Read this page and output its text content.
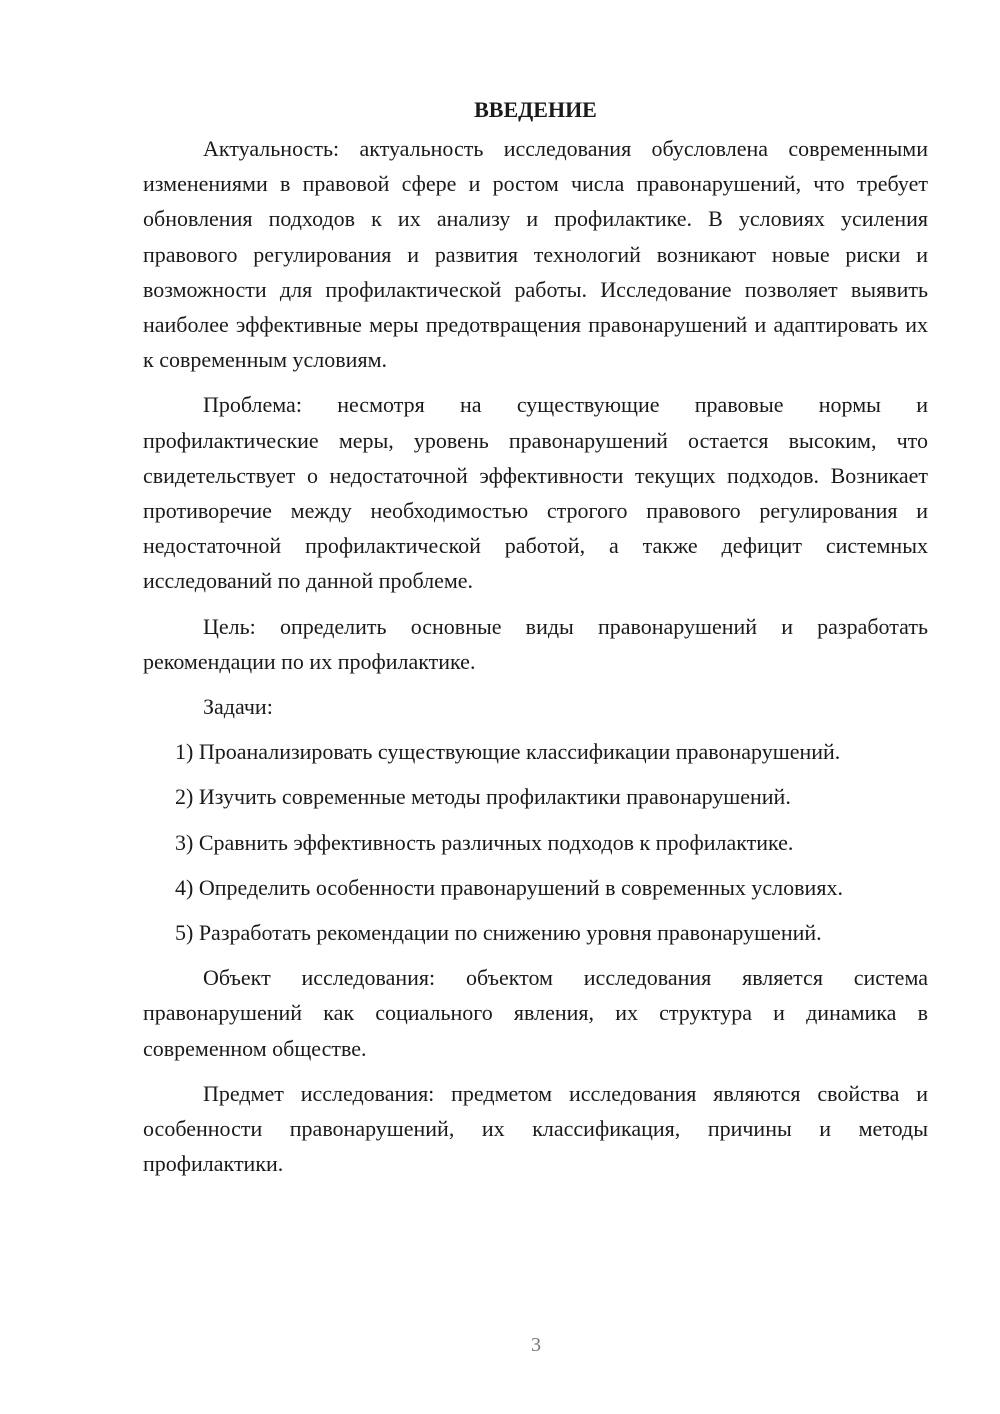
ВВЕДЕНИЕ

Актуальность: актуальность исследования обусловлена современными изменениями в правовой сфере и ростом числа правонарушений, что требует обновления подходов к их анализу и профилактике. В условиях усиления правового регулирования и развития технологий возникают новые риски и возможности для профилактической работы. Исследование позволяет выявить наиболее эффективные меры предотвращения правонарушений и адаптировать их к современным условиям.

Проблема: несмотря на существующие правовые нормы и профилактические меры, уровень правонарушений остается высоким, что свидетельствует о недостаточной эффективности текущих подходов. Возникает противоречие между необходимостью строгого правового регулирования и недостаточной профилактической работой, а также дефицит системных исследований по данной проблеме.

Цель: определить основные виды правонарушений и разработать рекомендации по их профилактике.

Задачи:

1) Проанализировать существующие классификации правонарушений.

2) Изучить современные методы профилактики правонарушений.

3) Сравнить эффективность различных подходов к профилактике.

4) Определить особенности правонарушений в современных условиях.

5) Разработать рекомендации по снижению уровня правонарушений.

Объект исследования: объектом исследования является система правонарушений как социального явления, их структура и динамика в современном обществе.

Предмет исследования: предметом исследования являются свойства и особенности правонарушений, их классификация, причины и методы профилактики.

3
